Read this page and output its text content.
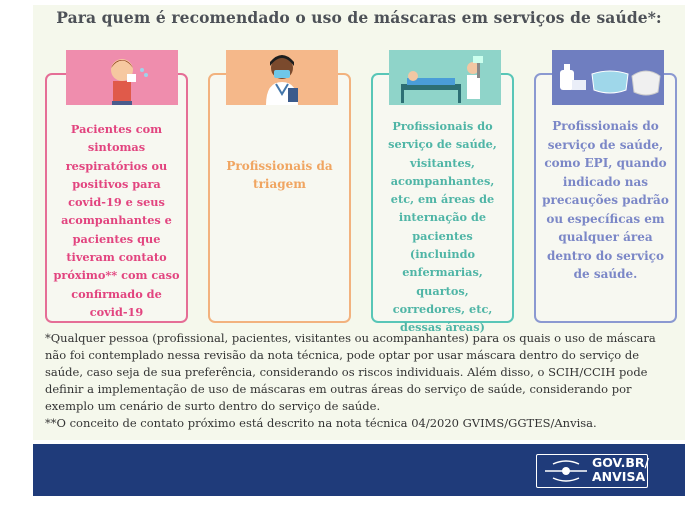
Para quem é recomendado o uso de máscaras em serviços de saúde*:
Pacientes com sintomas respiratórios ou positivos para covid-19 e seus acompanhantes e pacientes que tiveram contato próximo** com caso confirmado de covid-19
Profissionais da triagem
Profissionais do serviço de saúde, visitantes, acompanhantes, etc, em áreas de internação de pacientes (incluindo enfermarias, quartos, corredores, etc, dessas áreas)
Profissionais do serviço de saúde, como EPI, quando indicado nas precauções padrão ou específicas em qualquer área dentro do serviço de saúde.

*Qualquer pessoa (profissional, pacientes, visitantes ou acompanhantes) para os quais o uso de máscara não foi contemplado nessa revisão da nota técnica, pode optar por usar máscara dentro do serviço de saúde, caso seja de sua preferência, considerando os riscos individuais. Além disso, o SCIH/CCIH pode definir a implementação de uso de máscaras em outras áreas do serviço de saúde, considerando por exemplo um cenário de surto dentro do serviço de saúde.

**O conceito de contato próximo está descrito na nota técnica 04/2020 GVIMS/GGTES/Anvisa.

GOV.BR/
ANVISA
